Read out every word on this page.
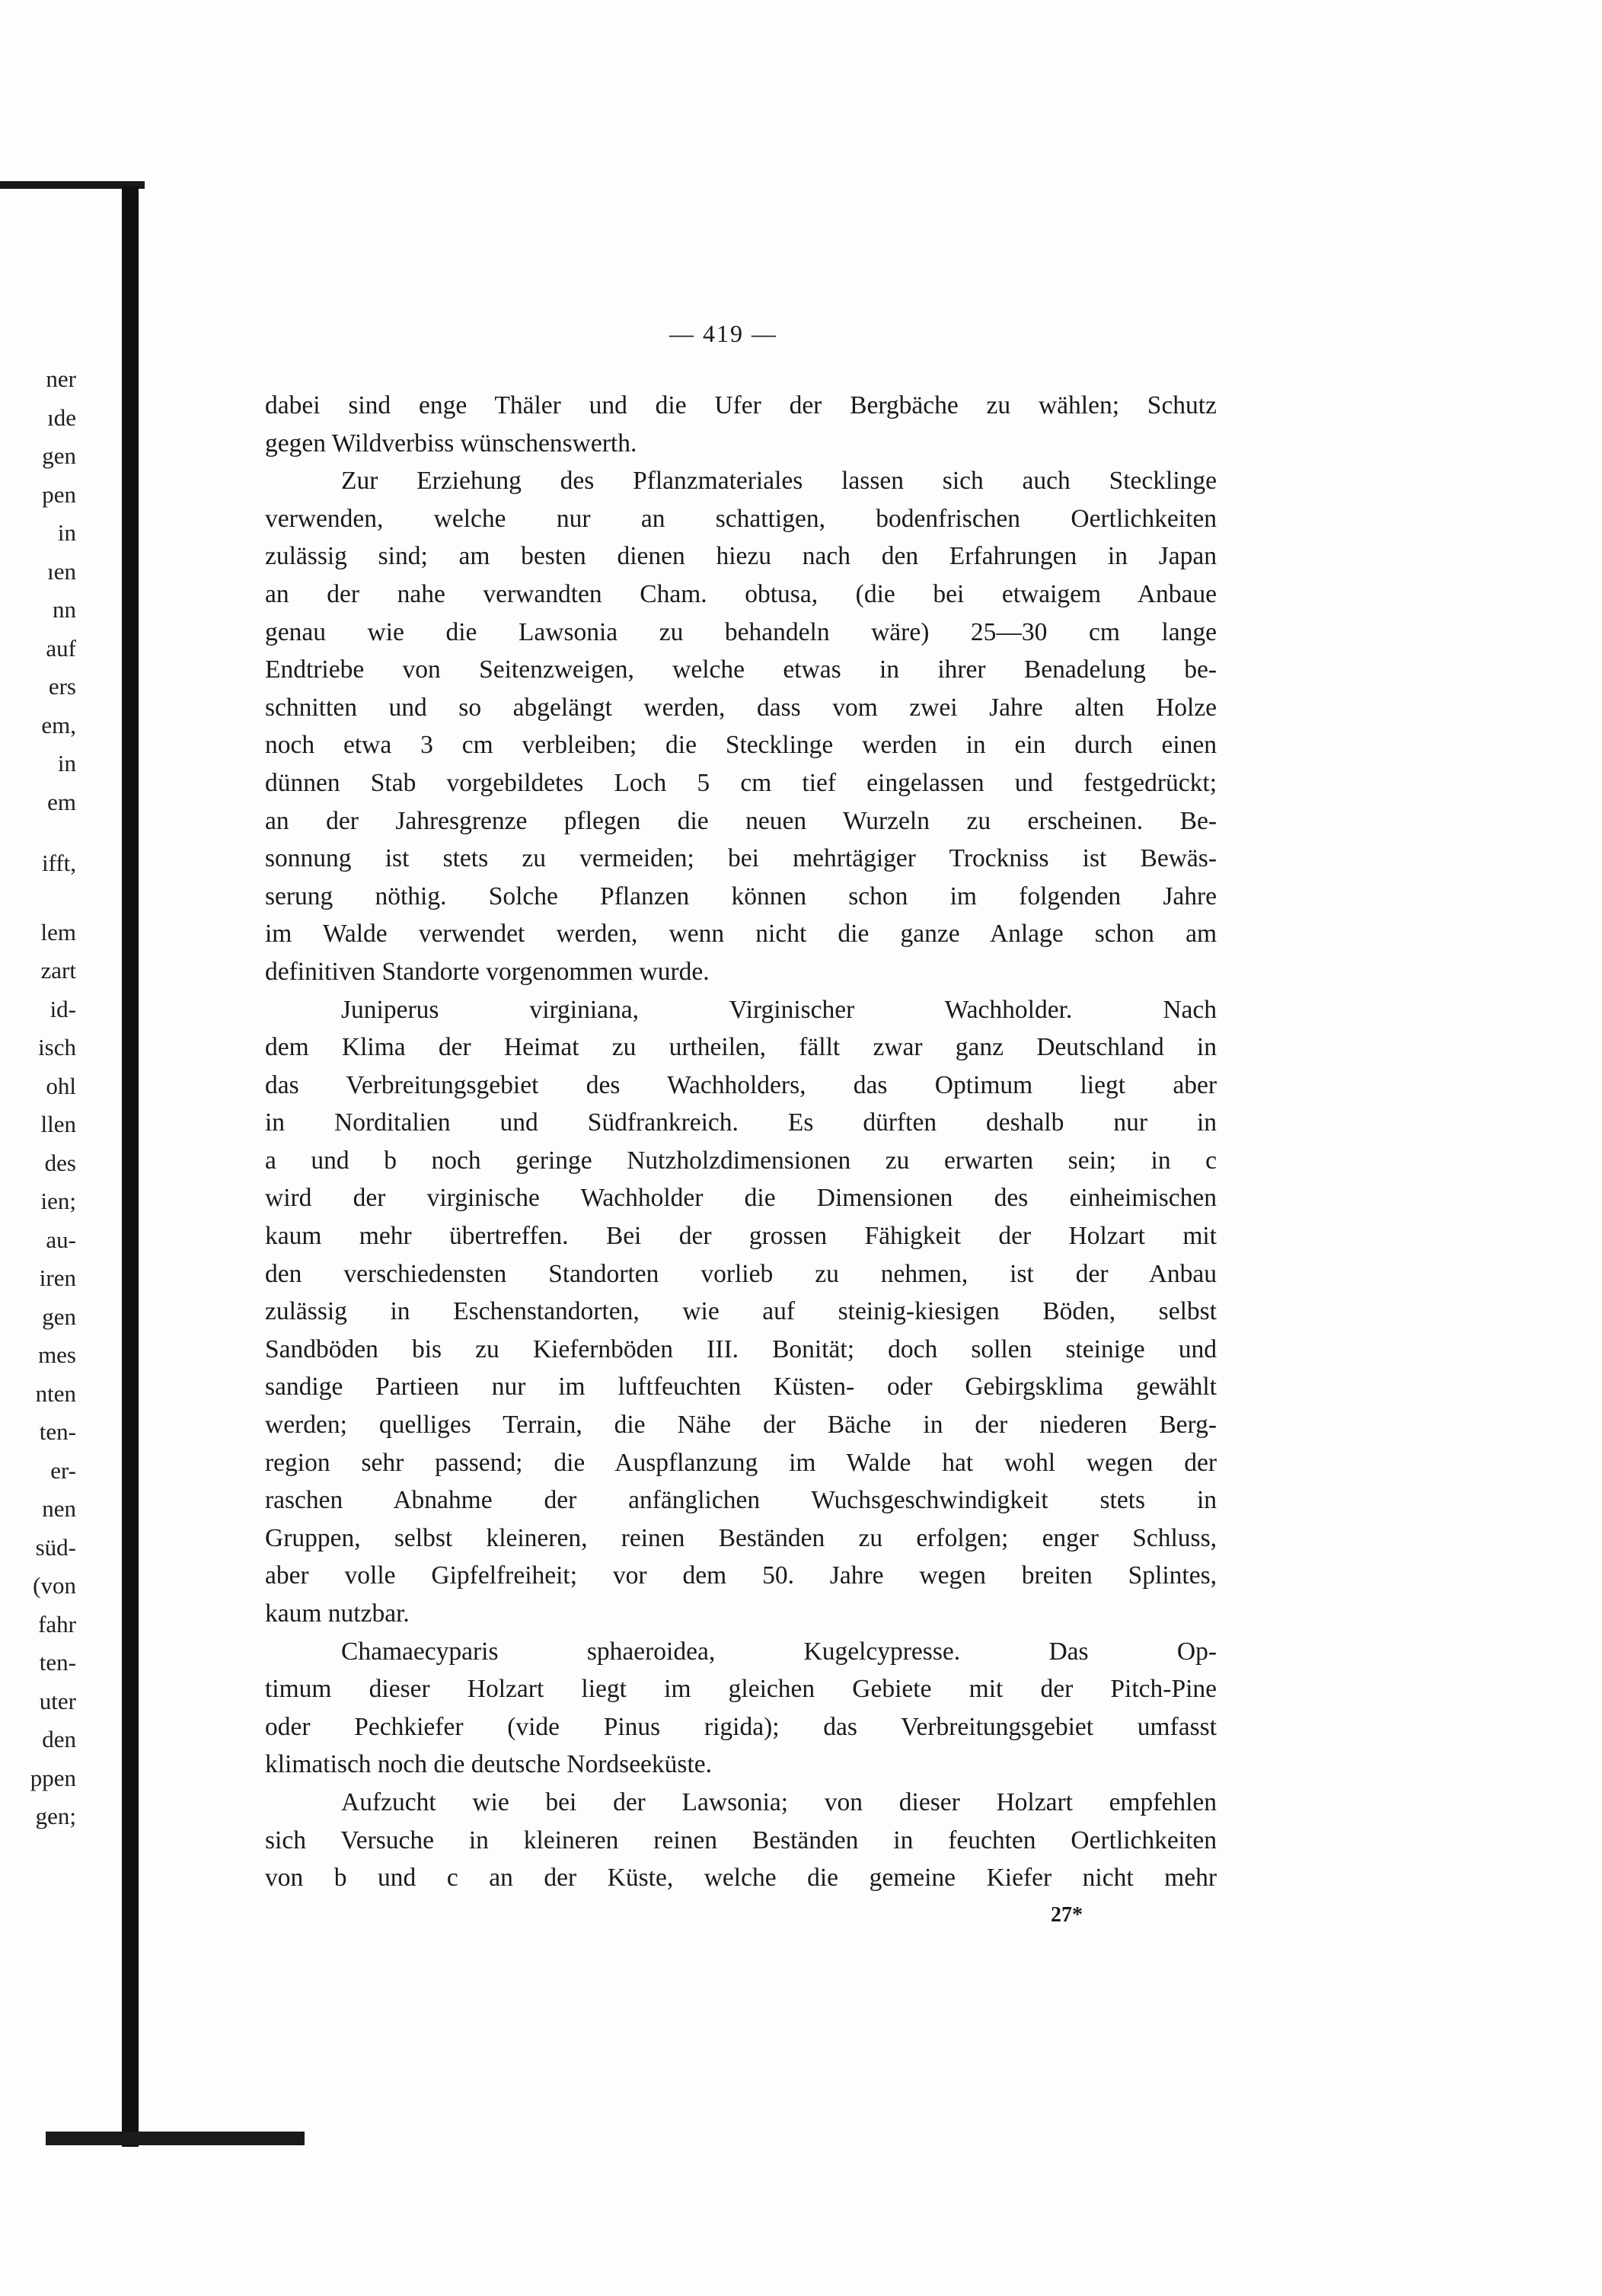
ner
ıde
gen
pen
in
ıen
nn
auf
ers
em,
in
em
ifft,
lem
zart
id-
isch
ohl
llen
des
ien;
au-
iren
gen
mes
nten
ten-
er-
nen
süd-
(von
fahr
ten-
uter
den
ppen
gen;
— 419 —

dabei sind enge Thäler und die Ufer der Bergbäche zu wählen; Schutz
gegen Wildverbiss wünschenswerth.

Zur Erziehung des Pflanzmateriales lassen sich auch Stecklinge
verwenden, welche nur an schattigen, bodenfrischen Oertlichkeiten
zulässig sind; am besten dienen hiezu nach den Erfahrungen in Japan
an der nahe verwandten Cham. obtusa, (die bei etwaigem Anbaue
genau wie die Lawsonia zu behandeln wäre) 25—30 cm lange
Endtriebe von Seitenzweigen, welche etwas in ihrer Benadelung be-
schnitten und so abgelängt werden, dass vom zwei Jahre alten Holze
noch etwa 3 cm verbleiben; die Stecklinge werden in ein durch einen
dünnen Stab vorgebildetes Loch 5 cm tief eingelassen und festgedrückt;
an der Jahresgrenze pflegen die neuen Wurzeln zu erscheinen. Be-
sonnung ist stets zu vermeiden; bei mehrtägiger Trockniss ist Bewäs-
serung nöthig. Solche Pflanzen können schon im folgenden Jahre
im Walde verwendet werden, wenn nicht die ganze Anlage schon am
definitiven Standorte vorgenommen wurde.

Juniperus virginiana, Virginischer Wachholder. Nach
dem Klima der Heimat zu urtheilen, fällt zwar ganz Deutschland in
das Verbreitungsgebiet des Wachholders, das Optimum liegt aber
in Norditalien und Südfrankreich. Es dürften deshalb nur in
a und b noch geringe Nutzholzdimensionen zu erwarten sein; in c
wird der virginische Wachholder die Dimensionen des einheimischen
kaum mehr übertreffen. Bei der grossen Fähigkeit der Holzart mit
den verschiedensten Standorten vorlieb zu nehmen, ist der Anbau
zulässig in Eschenstandorten, wie auf steinig-kiesigen Böden, selbst
Sandböden bis zu Kiefernböden III. Bonität; doch sollen steinige und
sandige Partieen nur im luftfeuchten Küsten- oder Gebirgsklima gewählt
werden; quelliges Terrain, die Nähe der Bäche in der niederen Berg-
region sehr passend; die Auspflanzung im Walde hat wohl wegen der
raschen Abnahme der anfänglichen Wuchsgeschwindigkeit stets in
Gruppen, selbst kleineren, reinen Beständen zu erfolgen; enger Schluss,
aber volle Gipfelfreiheit; vor dem 50. Jahre wegen breiten Splintes,
kaum nutzbar.

Chamaecyparis sphaeroidea, Kugelcypresse. Das Op-
timum dieser Holzart liegt im gleichen Gebiete mit der Pitch-Pine
oder Pechkiefer (vide Pinus rigida); das Verbreitungsgebiet umfasst
klimatisch noch die deutsche Nordseeküste.

Aufzucht wie bei der Lawsonia; von dieser Holzart empfehlen
sich Versuche in kleineren reinen Beständen in feuchten Oertlichkeiten
von b und c an der Küste, welche die gemeine Kiefer nicht mehr

27*
